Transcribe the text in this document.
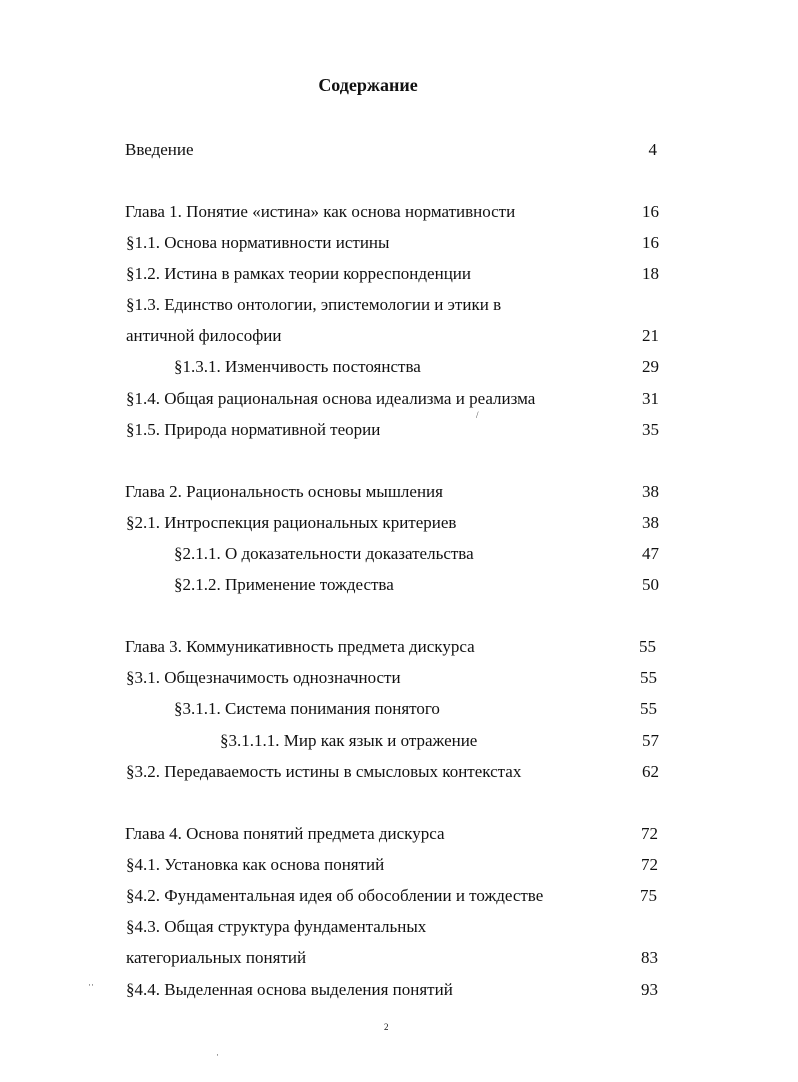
Содержание
Введение	4
Глава 1. Понятие «истина» как основа нормативности	16
§1.1. Основа нормативности истины	16
§1.2. Истина в рамках теории корреспонденции	18
§1.3. Единство онтологии, эпистемологии и этики в
античной философии	21
§1.3.1. Изменчивость постоянства	29
§1.4. Общая рациональная основа идеализма и реализма	31
§1.5. Природа нормативной теории	35
Глава 2. Рациональность основы мышления	38
§2.1. Интроспекция рациональных критериев	38
§2.1.1. О доказательности доказательства	47
§2.1.2. Применение тождества	50
Глава 3. Коммуникативность предмета дискурса	55
§3.1. Общезначимость однозначности	55
§3.1.1. Система понимания понятого	55
§3.1.1.1. Мир как язык и отражение	57
§3.2. Передаваемость истины в смысловых контекстах	62
Глава 4. Основа понятий предмета дискурса	72
§4.1. Установка как основа понятий	72
§4.2. Фундаментальная идея об обособлении и тождестве	75
§4.3. Общая структура фундаментальных
категориальных понятий	83
§4.4. Выделенная основа выделения понятий	93
2
/
··
·
